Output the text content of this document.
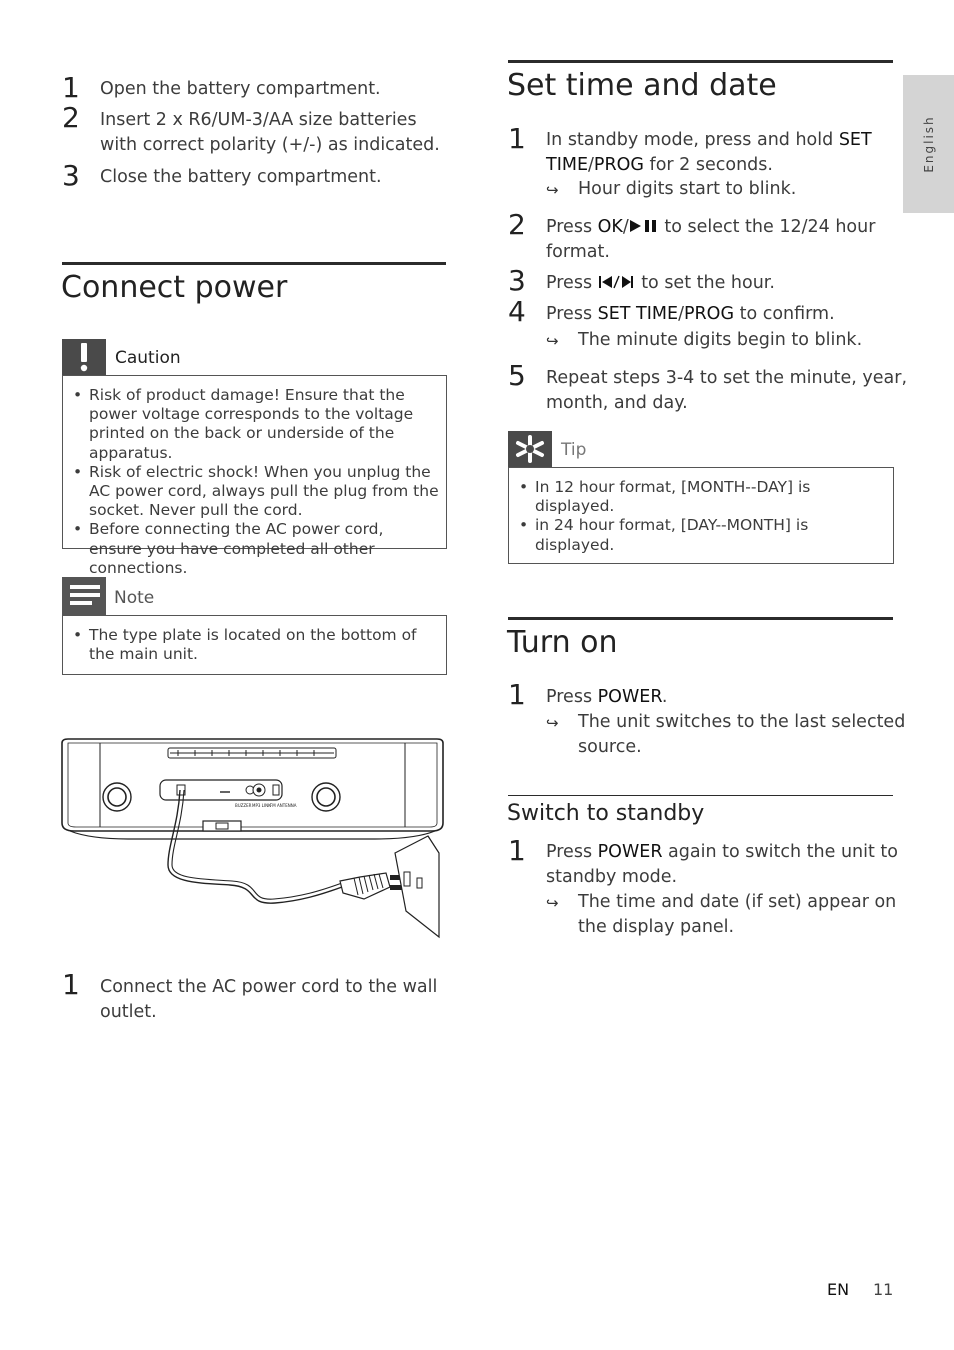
English
1 Open the battery compartment.
2 Insert 2 x R6/UM-3/AA size batteries
with correct polarity (+/-) as indicated.
3 Close the battery compartment.
Connect power
Caution
• Risk of product damage! Ensure that the power voltage corresponds to the voltage printed on the back or underside of the apparatus.
• Risk of electric shock! When you unplug the AC power cord, always pull the plug from the socket. Never pull the cord.
• Before connecting the AC power cord, ensure you have completed all other connections.
Note
• The type plate is located on the bottom of the main unit.
BUZZER MP3 LINK FM ANTENNA
1 Connect the AC power cord to the wall
outlet.
Set time and date
1 In standby mode, press and hold SET
TIME/PROG for 2 seconds.
↪ Hour digits start to blink.
2 Press OK/ to select the 12/24 hour
format.
3 Press  to set the hour.
4 Press SET TIME/PROG to confirm.
↪ The minute digits begin to blink.
5 Repeat steps 3-4 to set the minute, year,
month, and day.
Tip
• In 12 hour format, [MONTH--DAY] is displayed.
• in 24 hour format, [DAY--MONTH] is displayed.
Turn on
1 Press POWER.
↪ The unit switches to the last selected
source.
Switch to standby
1 Press POWER again to switch the unit to
standby mode.
↪ The time and date (if set) appear on
the display panel.
EN 11
